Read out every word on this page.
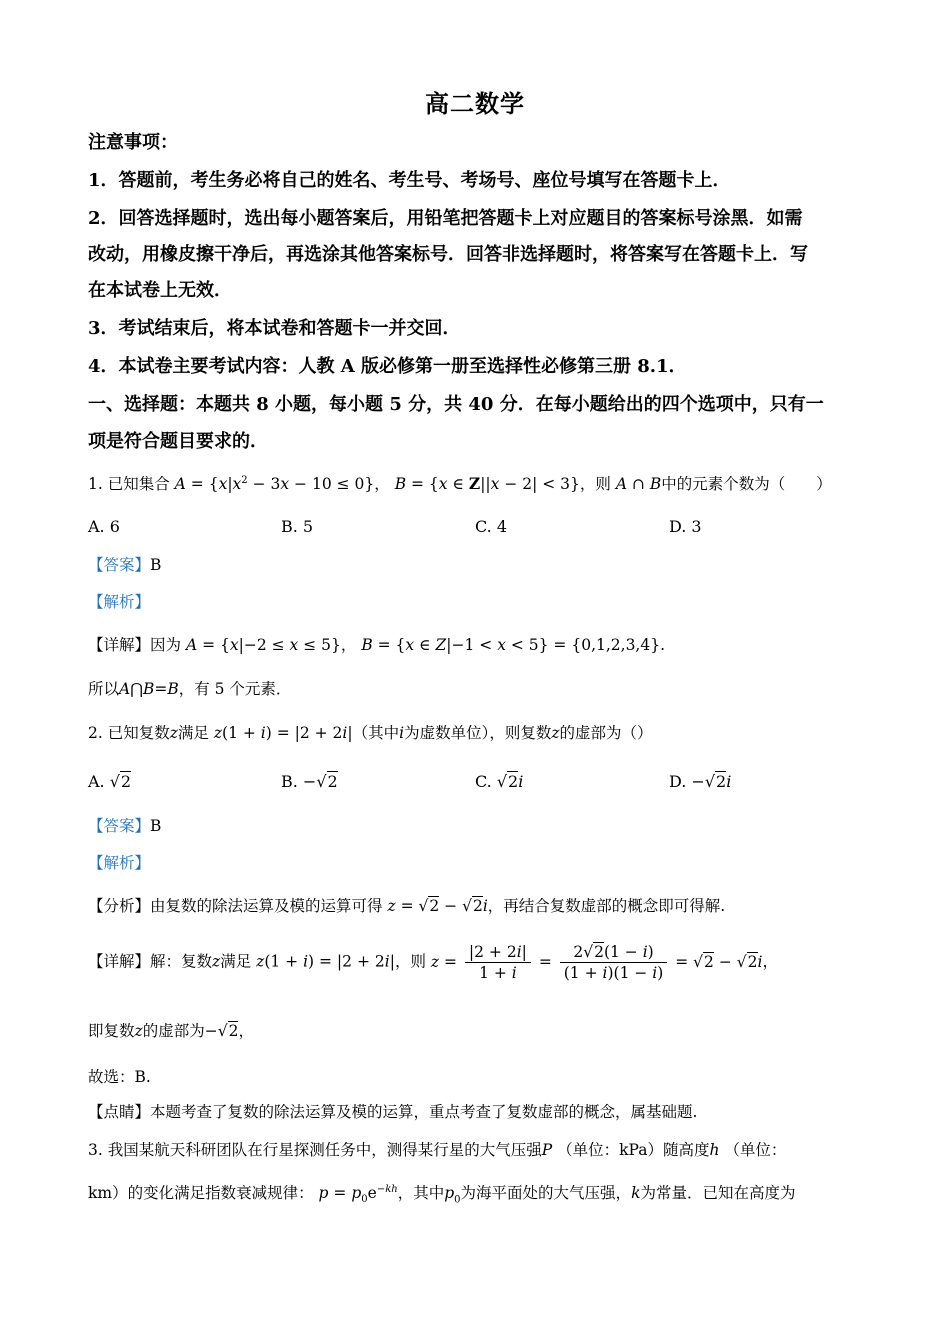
高二数学
注意事项：
1．答题前，考生务必将自己的姓名、考生号、考场号、座位号填写在答题卡上．
2．回答选择题时，选出每小题答案后，用铅笔把答题卡上对应题目的答案标号涂黑．如需
改动，用橡皮擦干净后，再选涂其他答案标号．回答非选择题时，将答案写在答题卡上．写
在本试卷上无效．
3．考试结束后，将本试卷和答题卡一并交回．
4．本试卷主要考试内容：人教 A 版必修第一册至选择性必修第三册 8.1．
一、选择题：本题共 8 小题，每小题 5 分，共 40 分．在每小题给出的四个选项中，只有一
项是符合题目要求的．
1. 已知集合 $A = \{x|x^2 - 3x - 10 \le 0\}$， B = {x ∈ Z||x − 2| < 3}，则 A ∩ B中的元素个数为（　　）
A. 6	B. 5	C. 4	D. 3
【答案】B
【解析】
【详解】因为 A = {x|−2 ≤ x ≤ 5}， B = {x ∈ Z|−1 < x < 5} = {0,1,2,3,4}.
所以A⋂B=B，有 5 个元素．
2. 已知复数z满足 z(1 + i) = |2 + 2i|（其中i为虚数单位），则复数z的虚部为（）
A. √2	B. −√2	C. √2i	D. −√2i
【答案】B
【解析】
【分析】由复数的除法运算及模的运算可得 z = √2 − √2i，再结合复数虚部的概念即可得解.
【详解】解：复数z满足 z(1 + i) = |2 + 2i|，则 $z = \frac{|2 + 2i|}{1 + i} = \frac{2√2(1 - i)}{(1 + i)(1 - i)} = √2 - √2i$，
即复数z的虚部为−√2，
故选：B.
【点睛】本题考查了复数的除法运算及模的运算，重点考查了复数虚部的概念，属基础题.
3. 我国某航天科研团队在行星探测任务中，测得某行星的大气压强P （单位：kPa）随高度h （单位：
km）的变化满足指数衰减规律： $p = p_0e^{-kh}$，其中$p_0$为海平面处的大气压强，k为常量．已知在高度为
